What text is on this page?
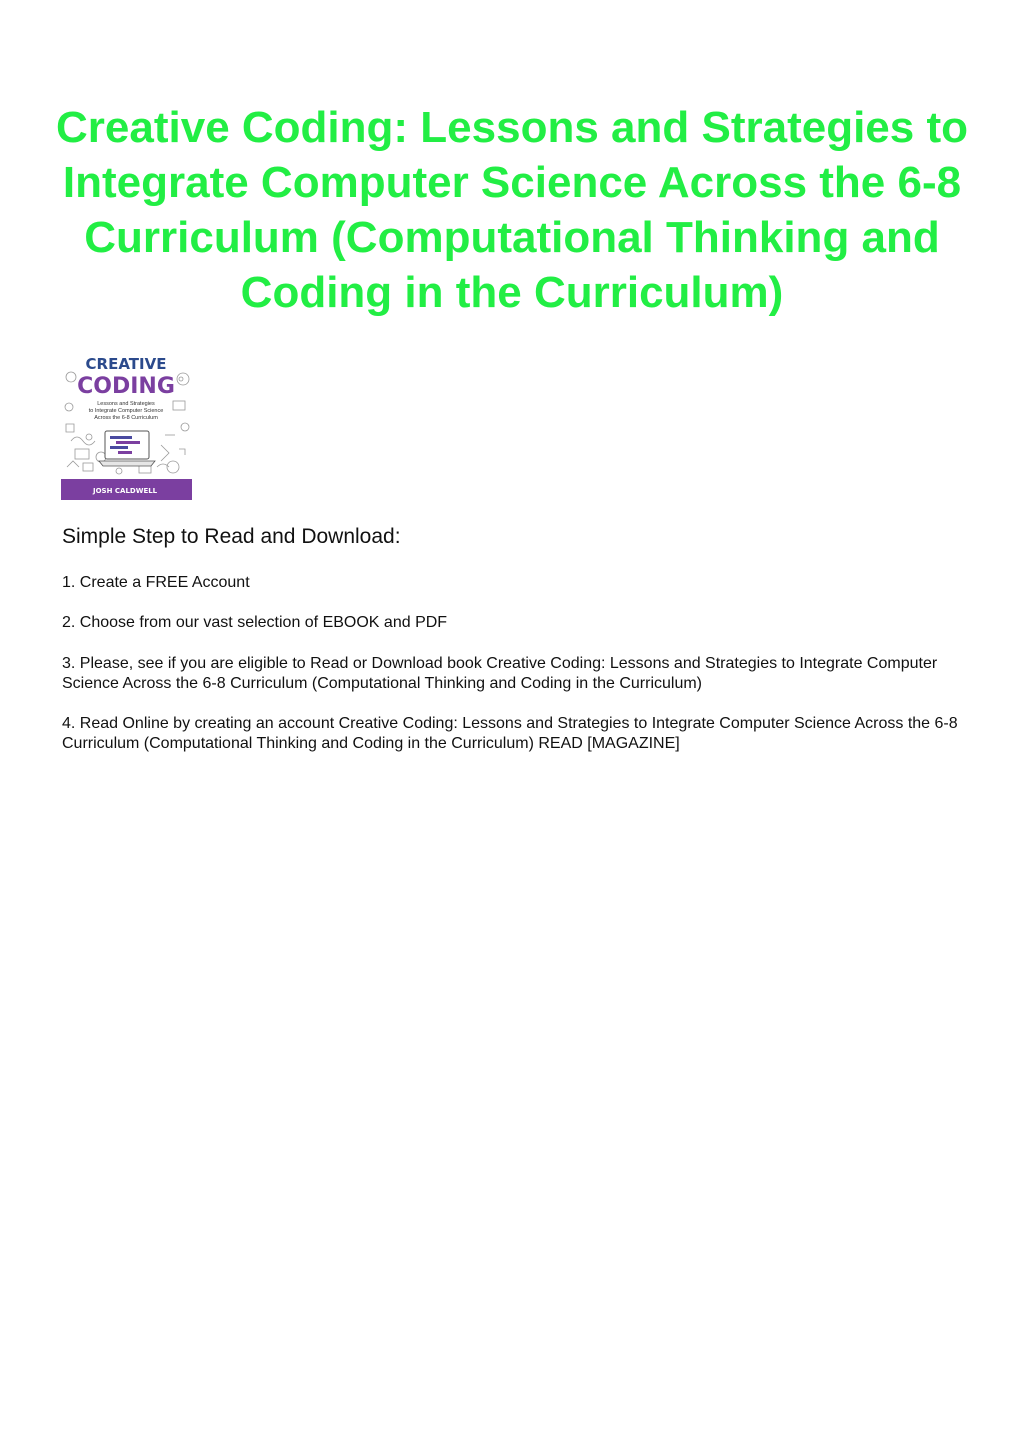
Creative Coding: Lessons and Strategies to Integrate Computer Science Across the 6-8 Curriculum (Computational Thinking and Coding in the Curriculum)
CREATIVE
CODING
Lessons and Strategies
to Integrate Computer Science
Across the 6-8 Curriculum
JOSH CALDWELL
Simple Step to Read and Download:

1. Create a FREE Account

2. Choose from our vast selection of EBOOK and PDF

3. Please, see if you are eligible to Read or Download book Creative Coding: Lessons and Strategies to Integrate Computer Science Across the 6-8 Curriculum (Computational Thinking and Coding in the Curriculum)

4. Read Online by creating an account Creative Coding: Lessons and Strategies to Integrate Computer Science Across the 6-8 Curriculum (Computational Thinking and Coding in the Curriculum) READ [MAGAZINE]
